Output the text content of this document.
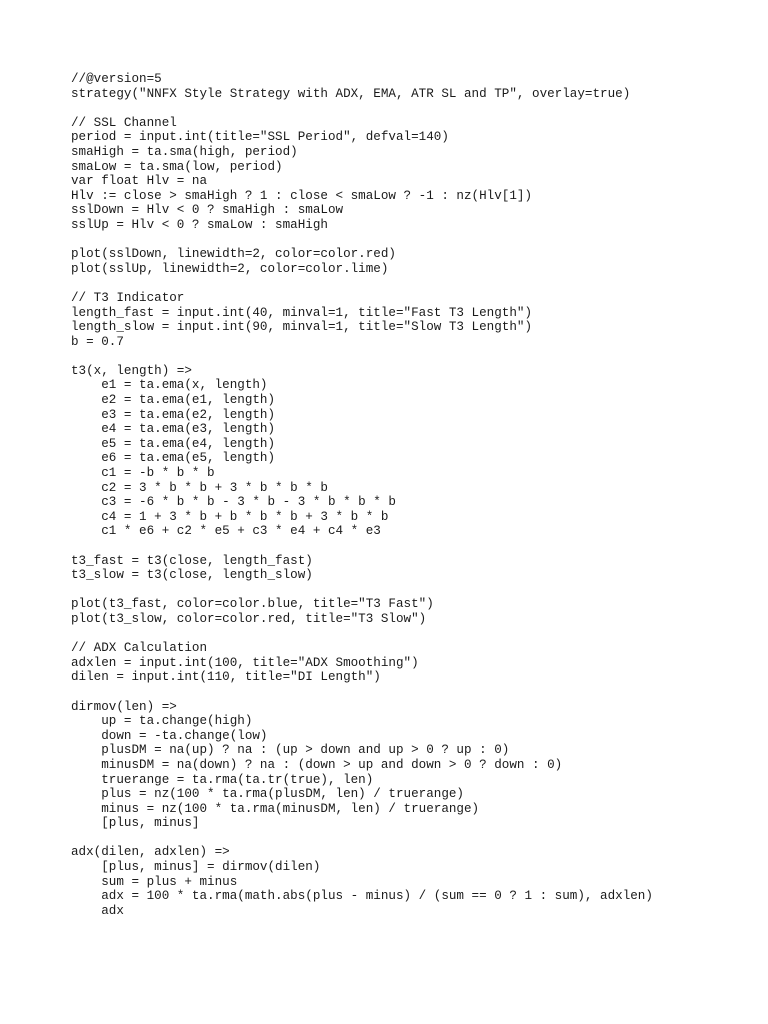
//@version=5
strategy("NNFX Style Strategy with ADX, EMA, ATR SL and TP", overlay=true)
// SSL Channel
period = input.int(title="SSL Period", defval=140)
smaHigh = ta.sma(high, period)
smaLow = ta.sma(low, period)
var float Hlv = na
Hlv := close > smaHigh ? 1 : close < smaLow ? -1 : nz(Hlv[1])
sslDown = Hlv < 0 ? smaHigh : smaLow
sslUp = Hlv < 0 ? smaLow : smaHigh
plot(sslDown, linewidth=2, color=color.red)
plot(sslUp, linewidth=2, color=color.lime)
// T3 Indicator
length_fast = input.int(40, minval=1, title="Fast T3 Length")
length_slow = input.int(90, minval=1, title="Slow T3 Length")
b = 0.7
t3(x, length) =>
e1 = ta.ema(x, length)
e2 = ta.ema(e1, length)
e3 = ta.ema(e2, length)
e4 = ta.ema(e3, length)
e5 = ta.ema(e4, length)
e6 = ta.ema(e5, length)
c1 = -b * b * b
c2 = 3 * b * b + 3 * b * b * b
c3 = -6 * b * b - 3 * b - 3 * b * b * b
c4 = 1 + 3 * b + b * b * b + 3 * b * b
c1 * e6 + c2 * e5 + c3 * e4 + c4 * e3
t3_fast = t3(close, length_fast)
t3_slow = t3(close, length_slow)
plot(t3_fast, color=color.blue, title="T3 Fast")
plot(t3_slow, color=color.red, title="T3 Slow")
// ADX Calculation
adxlen = input.int(100, title="ADX Smoothing")
dilen = input.int(110, title="DI Length")
dirmov(len) =>
up = ta.change(high)
down = -ta.change(low)
plusDM = na(up) ? na : (up > down and up > 0 ? up : 0)
minusDM = na(down) ? na : (down > up and down > 0 ? down : 0)
truerange = ta.rma(ta.tr(true), len)
plus = nz(100 * ta.rma(plusDM, len) / truerange)
minus = nz(100 * ta.rma(minusDM, len) / truerange)
[plus, minus]
adx(dilen, adxlen) =>
[plus, minus] = dirmov(dilen)
sum = plus + minus
adx = 100 * ta.rma(math.abs(plus - minus) / (sum == 0 ? 1 : sum), adxlen)
adx
